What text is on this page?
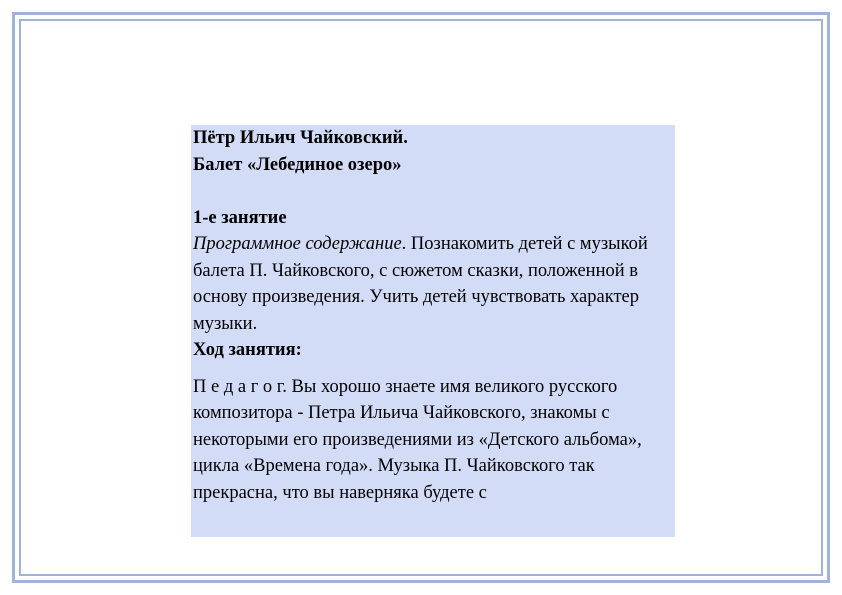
Пётр Ильич Чайковский.

Балет «Лебединое озеро»

1-е занятие

Программное содержание. Познакомить детей с музыкой балета П. Чайковского, с сюжетом сказки, положенной в основу произведения. Учить детей чувствовать характер музыки.

Ход занятия:

П е д а г о г. Вы хорошо знаете имя великого русского композитора - Петра Ильича Чайковского, знакомы с некоторыми его произведениями из «Детского альбома», цикла «Времена года». Музыка П. Чайковского так прекрасна, что вы наверняка будете с
